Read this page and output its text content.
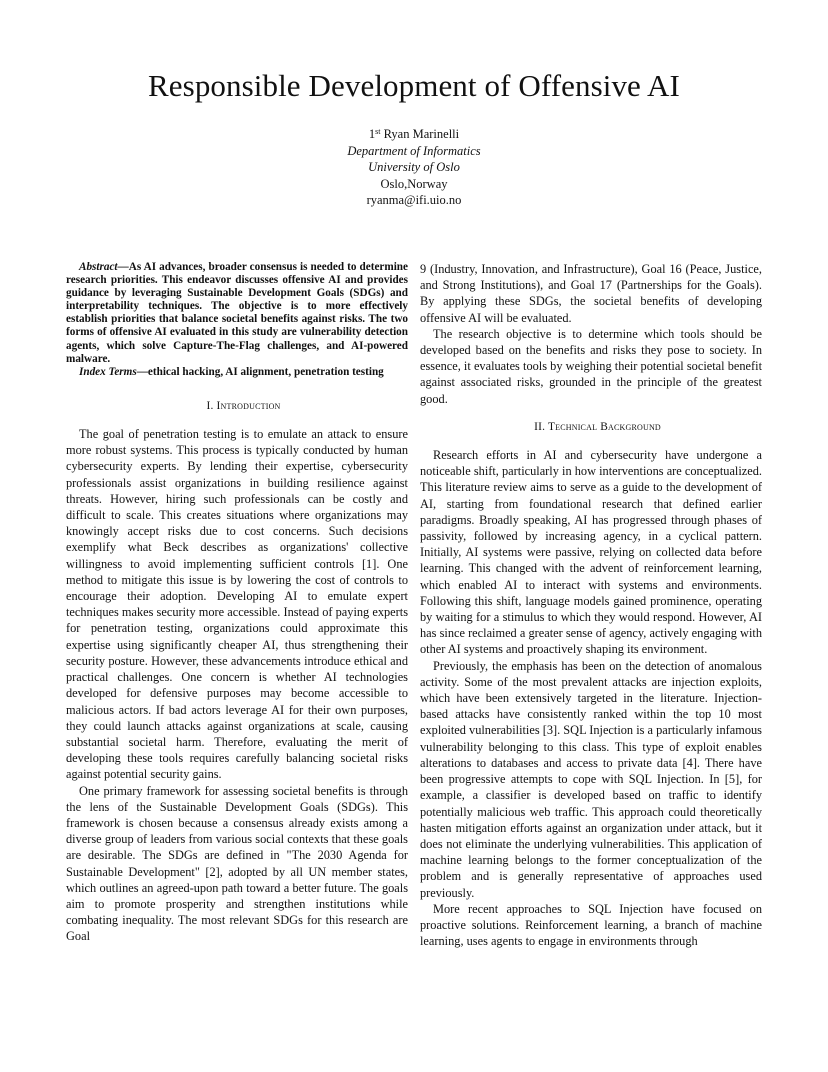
Responsible Development of Offensive AI
1st Ryan Marinelli
Department of Informatics
University of Oslo
Oslo,Norway
ryanma@ifi.uio.no

Abstract—As AI advances, broader consensus is needed to determine research priorities. This endeavor discusses offensive AI and provides guidance by leveraging Sustainable Development Goals (SDGs) and interpretability techniques. The objective is to more effectively establish priorities that balance societal benefits against risks. The two forms of offensive AI evaluated in this study are vulnerability detection agents, which solve Capture-The-Flag challenges, and AI-powered malware.

Index Terms—ethical hacking, AI alignment, penetration testing

I. Introduction

The goal of penetration testing is to emulate an attack to ensure more robust systems. This process is typically conducted by human cybersecurity experts. By lending their expertise, cybersecurity professionals assist organizations in building resilience against threats. However, hiring such professionals can be costly and difficult to scale. This creates situations where organizations may knowingly accept risks due to cost concerns. Such decisions exemplify what Beck describes as organizations' collective willingness to avoid implementing sufficient controls [1]. One method to mitigate this issue is by lowering the cost of controls to encourage their adoption. Developing AI to emulate expert techniques makes security more accessible. Instead of paying experts for penetration testing, organizations could approximate this expertise using significantly cheaper AI, thus strengthening their security posture. However, these advancements introduce ethical and practical challenges. One concern is whether AI technologies developed for defensive purposes may become accessible to malicious actors. If bad actors leverage AI for their own purposes, they could launch attacks against organizations at scale, causing substantial societal harm. Therefore, evaluating the merit of developing these tools requires carefully balancing societal risks against potential security gains.

One primary framework for assessing societal benefits is through the lens of the Sustainable Development Goals (SDGs). This framework is chosen because a consensus already exists among a diverse group of leaders from various social contexts that these goals are desirable. The SDGs are defined in "The 2030 Agenda for Sustainable Development" [2], adopted by all UN member states, which outlines an agreed-upon path toward a better future. The goals aim to promote prosperity and strengthen institutions while combating inequality. The most relevant SDGs for this research are Goal

9 (Industry, Innovation, and Infrastructure), Goal 16 (Peace, Justice, and Strong Institutions), and Goal 17 (Partnerships for the Goals). By applying these SDGs, the societal benefits of developing offensive AI will be evaluated.

The research objective is to determine which tools should be developed based on the benefits and risks they pose to society. In essence, it evaluates tools by weighing their potential societal benefit against associated risks, grounded in the principle of the greatest good.

II. Technical Background

Research efforts in AI and cybersecurity have undergone a noticeable shift, particularly in how interventions are conceptualized. This literature review aims to serve as a guide to the development of AI, starting from foundational research that defined earlier paradigms. Broadly speaking, AI has progressed through phases of passivity, followed by increasing agency, in a cyclical pattern. Initially, AI systems were passive, relying on collected data before learning. This changed with the advent of reinforcement learning, which enabled AI to interact with systems and environments. Following this shift, language models gained prominence, operating by waiting for a stimulus to which they would respond. However, AI has since reclaimed a greater sense of agency, actively engaging with other AI systems and proactively shaping its environment.

Previously, the emphasis has been on the detection of anomalous activity. Some of the most prevalent attacks are injection exploits, which have been extensively targeted in the literature. Injection-based attacks have consistently ranked within the top 10 most exploited vulnerabilities [3]. SQL Injection is a particularly infamous vulnerability belonging to this class. This type of exploit enables alterations to databases and access to private data [4]. There have been progressive attempts to cope with SQL Injection. In [5], for example, a classifier is developed based on traffic to identify potentially malicious web traffic. This approach could theoretically hasten mitigation efforts against an organization under attack, but it does not eliminate the underlying vulnerabilities. This application of machine learning belongs to the former conceptualization of the problem and is generally representative of approaches used previously.

More recent approaches to SQL Injection have focused on proactive solutions. Reinforcement learning, a branch of machine learning, uses agents to engage in environments through
